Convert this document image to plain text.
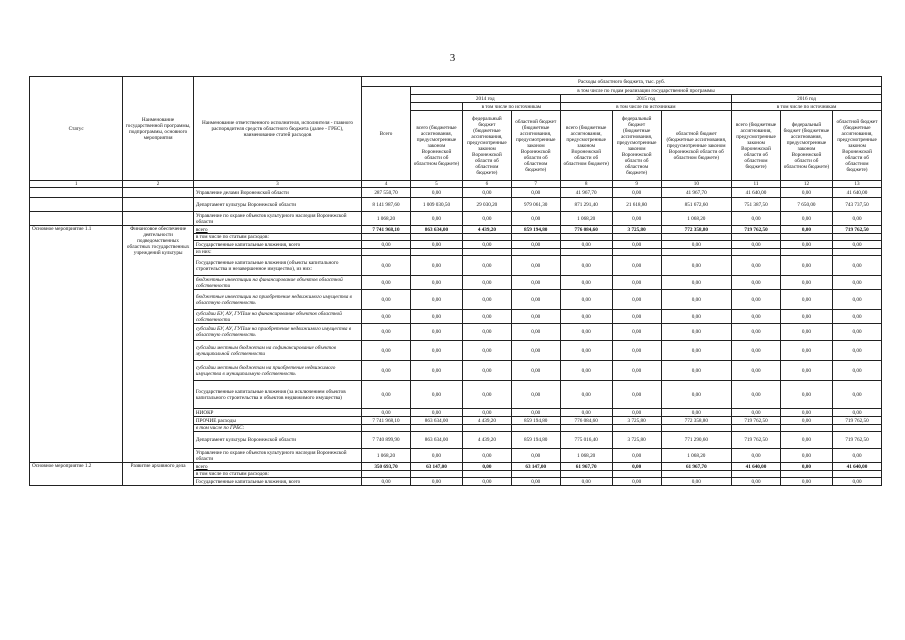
3
Статус	Наименование государственной программы, подпрограммы, основного мероприятия	Наименование ответственного исполнителя, исполнителя - главного распорядителя средств областного бюджета (далее - ГРБС), наименование статей расходов	Расходы областного бюджета, тыс. руб.									
			Всего	в том числе по годам реализации государственной программы								
				2014 год			2015 год			2016 год		
					в том числе по источникам		в том числе по источникам			в том числе по источникам		
				всего (бюджетные ассигнования, предусмотренные законом Воронежской области об областном бюджете)	федеральный бюджет (бюджетные ассигнования, предусмотренные законом Воронежской области об областном бюджете)	областной бюджет (бюджетные ассигнования, предусмотренные законом Воронежской области об областном бюджете)	всего (бюджетные ассигнования, предусмотренные законом Воронежской области об областном бюджете)	федеральный бюджет (бюджетные ассигнования, предусмотренные законом Воронежской области об областном бюджете)	областной бюджет (бюджетные ассигнования, предусмотренные законом Воронежской области об областном бюджете)	всего (бюджетные ассигнования, предусмотренные законом Воронежской области об областном бюджете)	федеральный бюджет (бюджетные ассигнования, предусмотренные законом Воронежской области об областном бюджете)	областной бюджет (бюджетные ассигнования, предусмотренные законом Воронежской области об областном бюджете)
1	2	3	4	5	6	7	8	9	10	11	12	13
		Управление делами Воронежской области	287 550,70	0,00	0,00	0,00	41 967,70	0,00	41 967,70	41 640,00	0,00	41 640,00
		Департамент культуры Воронежской области	8 141 987,60	1 009 030,50	29 030,20	979 061,30	871 291,40	21 618,80	851 672,60	751 387,50	7 650,00	743 737,50
		Управление по охране объектов культурного наследия Воронежской области	1 068,20	0,00	0,00	0,00	1 068,20	0,00	1 068,20	0,00	0,00	0,00
Основное мероприятие 1.1	Финансовое обеспечение деятельности подведомственных областных государственных учреждений культуры	всего	7 741 968,10	863 634,00	4 439,20	859 194,80	776 084,60	3 725,80	772 358,80	719 762,50	0,00	719 762,50
		в том числе по статьям расходов:										
		Государственные капитальные вложения, всего	0,00	0,00	0,00	0,00	0,00	0,00	0,00	0,00	0,00	0,00
		из них:										
		Государственные капитальные вложения (объекты капитального строительства и незавершенное имущество), из них:	0,00	0,00	0,00	0,00	0,00	0,00	0,00	0,00	0,00	0,00
		бюджетные инвестиции на финансирование объектов областной собственности	0,00	0,00	0,00	0,00	0,00	0,00	0,00	0,00	0,00	0,00
		бюджетные инвестиции на приобретение недвижимого имущества в областную собственность	0,00	0,00	0,00	0,00	0,00	0,00	0,00	0,00	0,00	0,00
		субсидии БУ, АУ, ГУПам на финансирование объектов областной собственности	0,00	0,00	0,00	0,00	0,00	0,00	0,00	0,00	0,00	0,00
		субсидии БУ, АУ, ГУПам на приобретение недвижимого имущества в областную собственность	0,00	0,00	0,00	0,00	0,00	0,00	0,00	0,00	0,00	0,00
		субсидии местным бюджетам на софинансирование объектов муниципальной собственности	0,00	0,00	0,00	0,00	0,00	0,00	0,00	0,00	0,00	0,00
		субсидии местным бюджетам на приобретение недвижимого имущества в муниципальную собственность	0,00	0,00	0,00	0,00	0,00	0,00	0,00	0,00	0,00	0,00
		Государственные капитальные вложения (за исключением объектов капитального строительства и объектов недвижимого имущества)	0,00	0,00	0,00	0,00	0,00	0,00	0,00	0,00	0,00	0,00
		НИОКР	0,00	0,00	0,00	0,00	0,00	0,00	0,00	0,00	0,00	0,00
		ПРОЧИЕ расходы	7 741 968,10	863 634,00	4 439,20	859 194,80	776 084,60	3 725,80	772 358,80	719 762,50	0,00	719 762,50
		в том числе по ГРБС:										
		Департамент культуры Воронежской области	7 740 899,90	863 634,00	4 439,20	859 194,80	775 016,40	3 725,80	771 290,60	719 762,50	0,00	719 762,50
		Управление по охране объектов культурного наследия Воронежской области	1 068,20	0,00	0,00	0,00	1 068,20	0,00	1 068,20	0,00	0,00	0,00
Основное мероприятие 1.2	Развитие архивного дела	всего	350 693,70	63 147,00	0,00	63 147,00	61 967,70	0,00	61 967,70	41 640,00	0,00	41 640,00
		в том числе по статьям расходов:										
		Государственные капитальные вложения, всего	0,00	0,00	0,00	0,00	0,00	0,00	0,00	0,00	0,00	0,00
